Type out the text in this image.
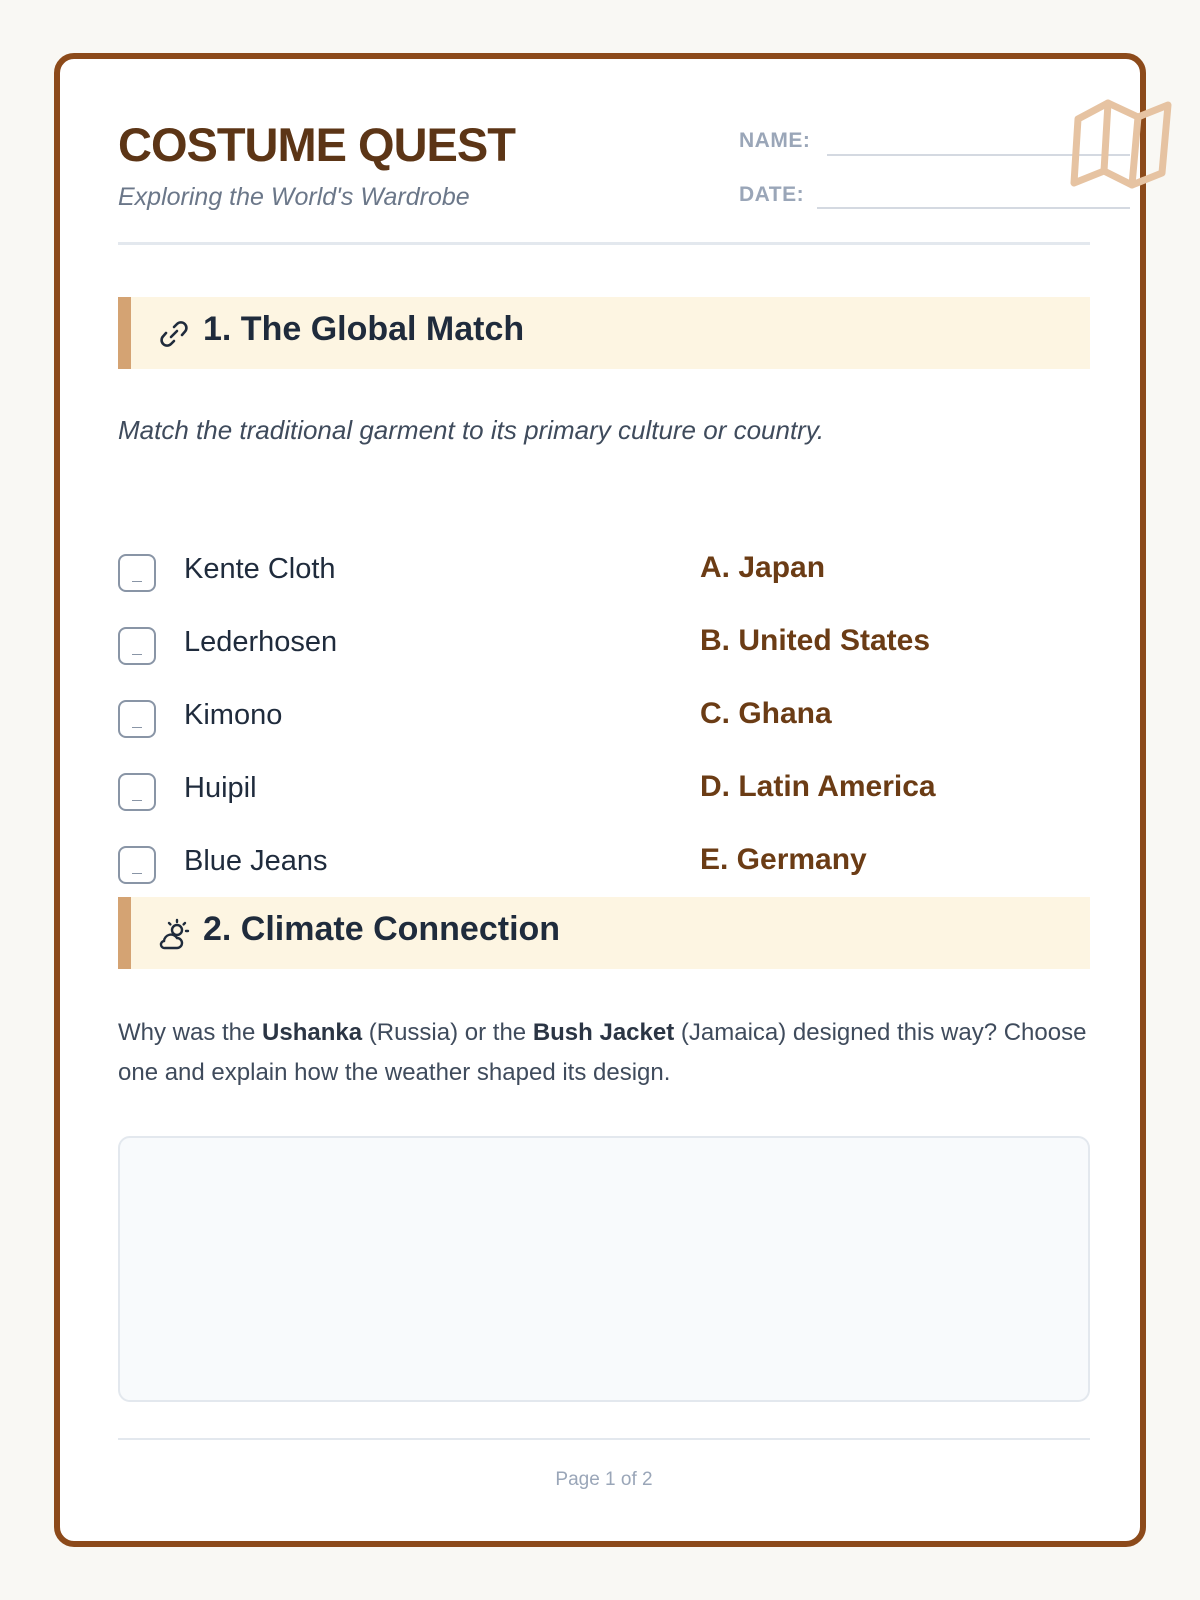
COSTUME QUEST
Exploring the World's Wardrobe
NAME:
DATE:
1. The Global Match
Match the traditional garment to its primary culture or country.
Kente Cloth	A. Japan
Lederhosen	B. United States
Kimono	C. Ghana
Huipil	D. Latin America
Blue Jeans	E. Germany
2. Climate Connection
Why was the Ushanka (Russia) or the Bush Jacket (Jamaica) designed this way? Choose one and explain how the weather shaped its design.
Page 1 of 2
